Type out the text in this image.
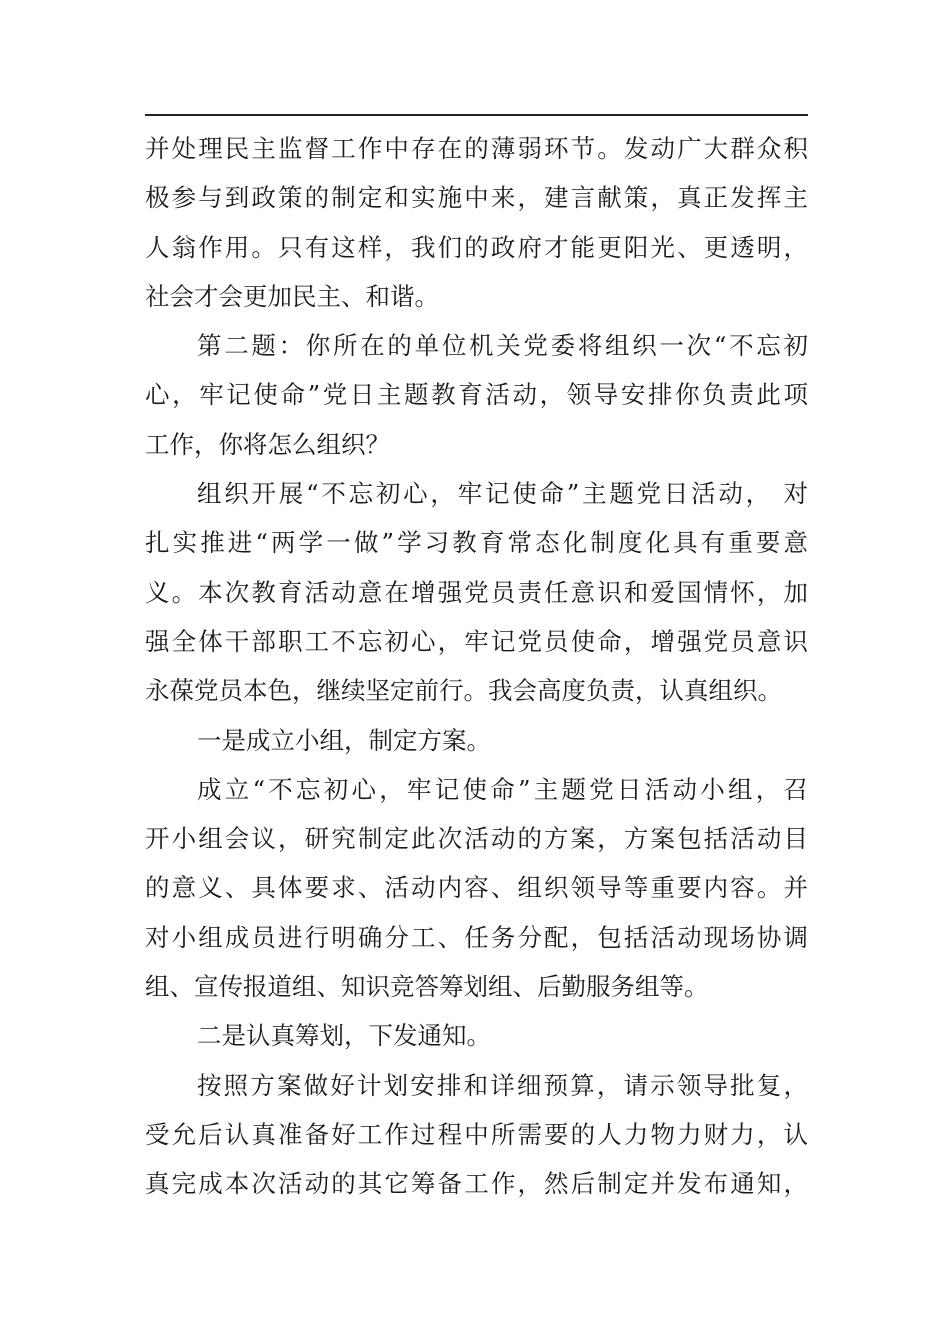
并处理民主监督工作中存在的薄弱环节。发动广大群众积
极参与到政策的制定和实施中来，建言献策，真正发挥主
人翁作用。只有这样，我们的政府才能更阳光、更透明，
社会才会更加民主、和谐。
第二题：你所在的单位机关党委将组织一次“不忘初
心，牢记使命”党日主题教育活动，领导安排你负责此项
工作，你将怎么组织？
组织开展“不忘初心，牢记使命”主题党日活动， 对
扎实推进“两学一做”学习教育常态化制度化具有重要意
义。本次教育活动意在增强党员责任意识和爱国情怀，加
强全体干部职工不忘初心，牢记党员使命，增强党员意识
永葆党员本色，继续坚定前行。我会高度负责，认真组织。
一是成立小组，制定方案。
成立“不忘初心，牢记使命”主题党日活动小组，召
开小组会议，研究制定此次活动的方案，方案包括活动目
的意义、具体要求、活动内容、组织领导等重要内容。并
对小组成员进行明确分工、任务分配，包括活动现场协调
组、宣传报道组、知识竞答筹划组、后勤服务组等。
二是认真筹划，下发通知。
按照方案做好计划安排和详细预算，请示领导批复，
受允后认真准备好工作过程中所需要的人力物力财力，认
真完成本次活动的其它筹备工作，然后制定并发布通知，
